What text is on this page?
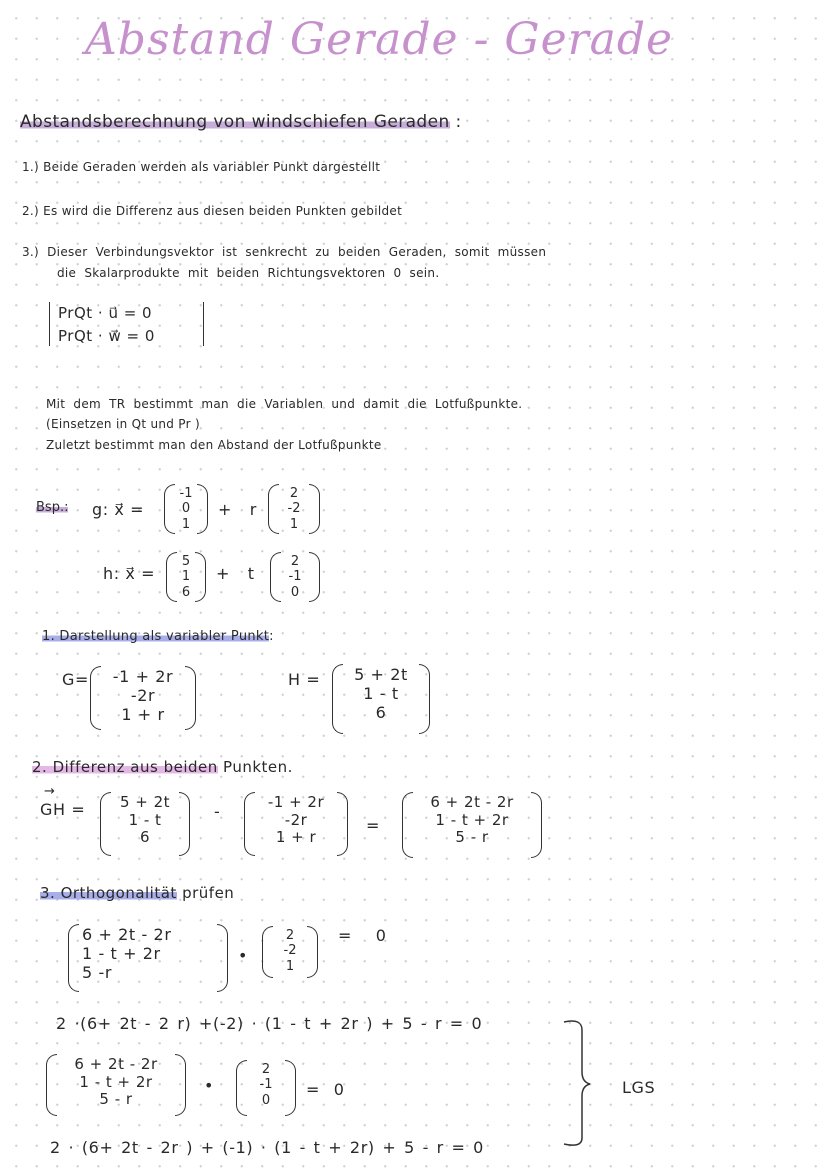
Abstand Gerade - Gerade
Abstandsberechnung von windschiefen Geraden :
1.) Beide Geraden werden als variabler Punkt dargestellt
2.) Es wird die Differenz aus diesen beiden Punkten gebildet
3.) Dieser Verbindungsvektor ist senkrecht zu beiden Geraden, somit müssen
die Skalarprodukte mit beiden Richtungsvektoren 0 sein.
PrQt · u⃗ = 0
PrQt · w⃗ = 0
Mit dem TR bestimmt man die Variablen und damit die Lotfußpunkte.
(Einsetzen in Qt und Pr )
Zuletzt bestimmt man den Abstand der Lotfußpunkte
Bsp.: g: x⃗ =
-1
0
1
+ r
2
-2
1
h: x⃗ =
5
1
6
+ t
2
-1
0
1. Darstellung als variabler Punkt:
G=	-1 + 2r
-2r
1 + r
H =	5 + 2t
1 - t
6
2. Differenz aus beiden Punkten.
→
GH =	5 + 2t
1 - t
6
-	-1 + 2r
-2r
1 + r
=
6 + 2t - 2r
1 - t + 2r
5 - r
3. Orthogonalität prüfen
6 + 2t - 2r
1 - t + 2r
5 -r
•
2
-2
1
= 0
2 ·(6+ 2t - 2 r) +(-2) · (1 - t + 2r ) + 5 - r = 0
6 + 2t - 2r
1 - t + 2r
5 - r
•
2
-1
0
= 0
2 · (6+ 2t - 2r ) + (-1) · (1 - t + 2r) + 5 - r = 0
LGS
